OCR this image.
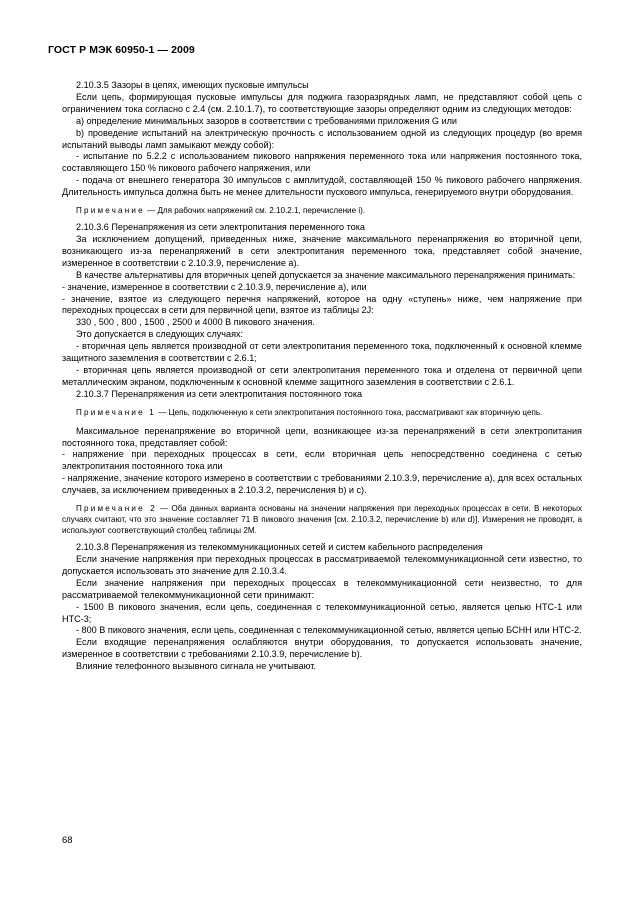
ГОСТ Р МЭК 60950-1 — 2009

2.10.3.5 Зазоры в цепях, имеющих пусковые импульсы

Если цепь, формирующая пусковые импульсы для поджига газоразрядных ламп, не представляют собой цепь с ограничением тока согласно с 2.4 (см. 2.10.1.7), то соответствующие зазоры определяют одним из следующих методов:

а) определение минимальных зазоров в соответствии с требованиями приложения G или

b) проведение испытаний на электрическую прочность с использованием одной из следующих процедур (во время испытаний выводы ламп замыкают между собой):

- испытание по 5.2.2 с использованием пикового напряжения переменного тока или напряжения постоянного тока, составляющего 150 % пикового рабочего напряжения, или

- подача от внешнего генератора 30 импульсов с амплитудой, составляющей 150 % пикового рабочего напряжения. Длительность импульса должна быть не менее длительности пускового импульса, генерируемого внутри оборудования.

Примечание — Для рабочих напряжений см. 2.10.2.1, перечисление i).

2.10.3.6 Перенапряжения из сети электропитания переменного тока

За исключением допущений, приведенных ниже, значение максимального перенапряжения во вторичной цепи, возникающего из-за перенапряжений в сети электропитания переменного тока, представляет собой значение, измеренное в соответствии с 2.10.3.9, перечисление а).

В качестве альтернативы для вторичных цепей допускается за значение максимального перенапряжения принимать:

- значение, измеренное в соответствии с 2.10.3.9, перечисление а), или

- значение, взятое из следующего перечня напряжений, которое на одну «ступень» ниже, чем напряжение при переходных процессах в сети для первичной цепи, взятое из таблицы 2J:

330 , 500 , 800 , 1500 , 2500 и 4000 В пикового значения.

Это допускается в следующих случаях:

- вторичная цепь является производной от сети электропитания переменного тока, подключенный к основной клемме защитного заземления в соответствии с 2.6.1;

- вторичная цепь является производной от сети электропитания переменного тока и отделена от первичной цепи металлическим экраном, подключенным к основной клемме защитного заземления в соответствии с 2.6.1.

2.10.3.7 Перенапряжения из сети электропитания постоянного тока

Примечание 1 — Цепь, подключенную к сети электропитания постоянного тока, рассматривают как вторичную цепь.

Максимальное перенапряжение во вторичной цепи, возникающее из-за перенапряжений в сети электропитания постоянного тока, представляет собой:

- напряжение при переходных процессах в сети, если вторичная цепь непосредственно соединена с сетью электропитания постоянного тока или

- напряжение, значение которого измерено в соответствии с требованиями 2.10.3.9, перечисление а), для всех остальных случаев, за исключением приведенных в 2.10.3.2, перечисления b) и c).

Примечание 2 — Оба данных варианта основаны на значении напряжения при переходных процессах в сети. В некоторых случаях считают, что это значение составляет 71 В пикового значения [см. 2.10.3.2, перечисление b) или d)]. Измерения не проводят, а используют соответствующий столбец таблицы 2М.

2.10.3.8 Перенапряжения из телекоммуникационных сетей и систем кабельного распределения

Если значение напряжения при переходных процессах в рассматриваемой телекоммуникационной сети известно, то допускается использовать это значение для 2.10.3.4.

Если значение напряжения при переходных процессах в телекоммуникационной сети неизвестно, то для рассматриваемой телекоммуникационной сети принимают:

- 1500 В пикового значения, если цепь, соединенная с телекоммуникационной сетью, является цепью НТС-1 или НТС-3;

- 800 В пикового значения, если цепь, соединенная с телекоммуникационной сетью, является цепью БСНН или НТС-2.

Если входящие перенапряжения ослабляются внутри оборудования, то допускается использовать значение, измеренное в соответствии с требованиями 2.10.3.9, перечисление b).

Влияние телефонного вызывного сигнала не учитывают.

68
